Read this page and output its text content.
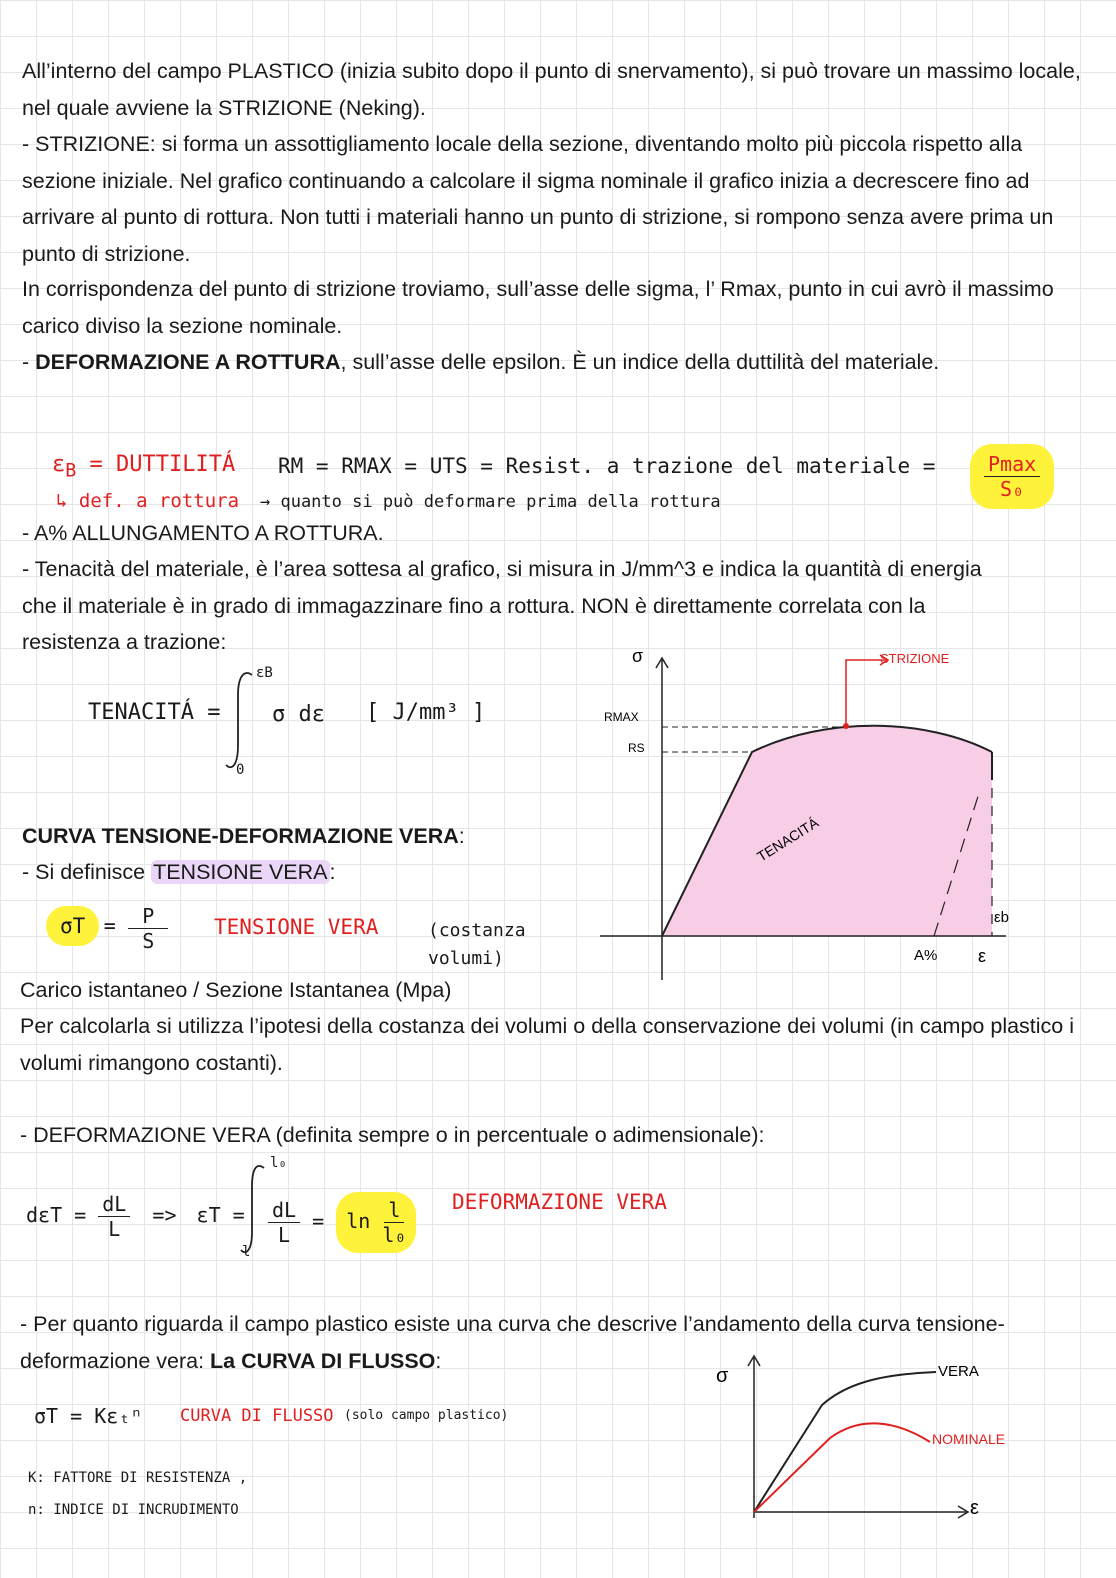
All’interno del campo PLASTICO (inizia subito dopo il punto di snervamento), si può trovare un massimo locale, nel quale avviene la STRIZIONE (Neking).
- STRIZIONE: si forma un assottigliamento locale della sezione, diventando molto più piccola rispetto alla sezione iniziale. Nel grafico continuando a calcolare il sigma nominale il grafico inizia a decrescere fino ad arrivare al punto di rottura. Non tutti i materiali hanno un punto di strizione, si rompono senza avere prima un punto di strizione.
In corrispondenza del punto di strizione troviamo, sull’asse delle sigma, l’ Rmax, punto in cui avrò il massimo carico diviso la sezione nominale.
- DEFORMAZIONE A ROTTURA, sull’asse delle epsilon. È un indice della duttilità del materiale.
$\varepsilon_B$ = DUTTILITÁ
↳ def. a rottura → quanto si può deformare prima della rottura
RM = RMAX = UTS = Resist. a trazione del materiale = $\frac{Pmax}{\text{S₀}}$
- A% ALLUNGAMENTO A ROTTURA.
- Tenacità del materiale, è l’area sottesa al grafico, si misura in J/mm^3 e indica la quantità di energia che il materiale è in grado di immagazzinare fino a rottura. NON è direttamente correlata con la resistenza a trazione:
TENACITÁ =
εB
0
σ dε [ J/mm³ ]
σ	STRIZIONE
RMAX
RS
TENACITÁ
εb
A% ε
CURVA TENSIONE-DEFORMAZIONE VERA:
- Si definisce TENSIONE VERA:
$\sigma T = \frac{P}{S}$ TENSIONE VERA	(costanza volumi)
Carico istantaneo / Sezione Istantanea (Mpa)
Per calcolarla si utilizza l’ipotesi della costanza dei volumi o della conservazione dei volumi (in campo plastico i volumi rimangono costanti).
- DEFORMAZIONE VERA (definita sempre o in percentuale o adimensionale):
$d\varepsilon T = \frac{dL}{L} => \varepsilon T$ =
l₀
l
$\frac{dL}{L} = \ln \frac{l}{\text{l₀}}$ DEFORMAZIONE VERA
- Per quanto riguarda il campo plastico esiste una curva che descrive l’andamento della curva tensione-deformazione vera: La CURVA DI FLUSSO:
σT = Kεₜⁿ CURVA DI FLUSSO (solo campo plastico)
K: FATTORE DI RESISTENZA ,
n: INDICE DI INCRUDIMENTO
σ	VERA
NOMINALE
ε
